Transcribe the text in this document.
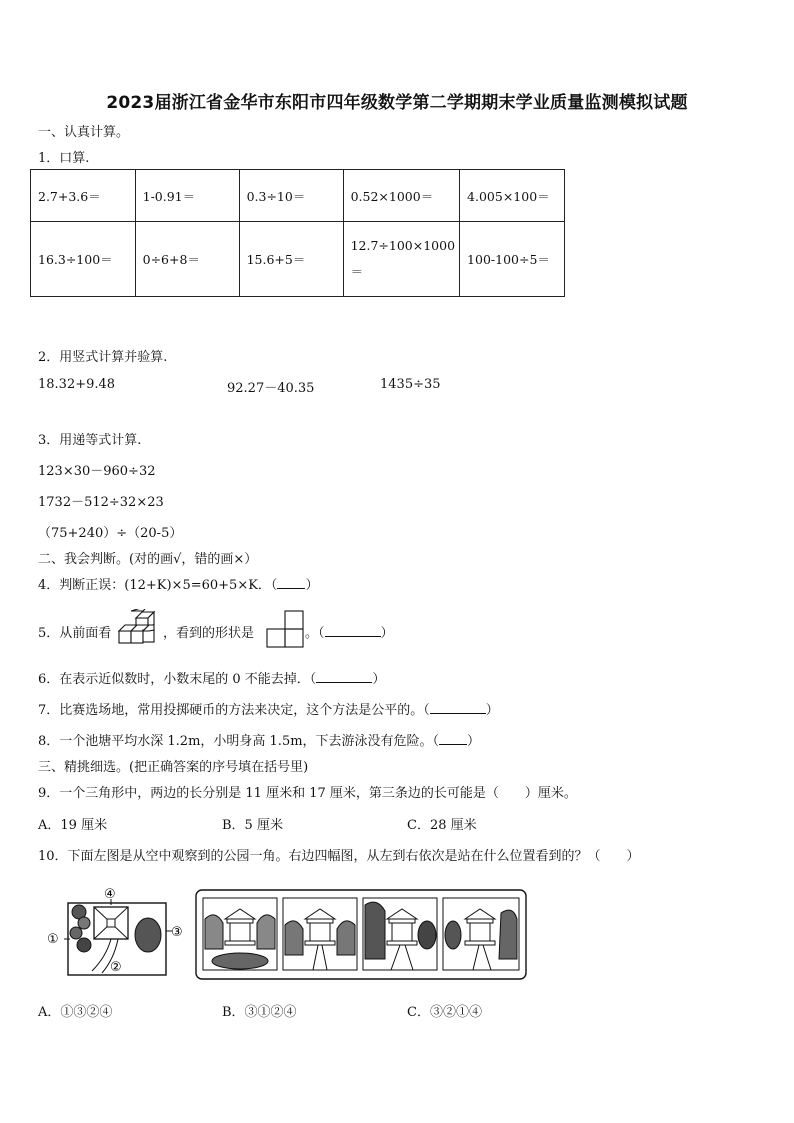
2023届浙江省金华市东阳市四年级数学第二学期期末学业质量监测模拟试题
一、认真计算。
1．口算.
2.7+3.6＝	1-0.91＝	0.3÷10＝	0.52×1000＝	4.005×100＝
16.3÷100＝	0÷6+8＝	15.6+5＝	12.7÷100×1000＝	100-100÷5＝
2．用竖式计算并验算.
18.32+9.48	92.27－40.35	1435÷35
3．用递等式计算.
123×30－960÷32
1732－512÷32×23
（75+240）÷（20-5）
二、我会判断。(对的画√，错的画×）
4．判断正误：(12+K)×5=60+5×K．（ ）
5．从前面看	，看到的形状是	。（	）
6．在表示近似数时，小数末尾的 0 不能去掉．（	）
7．比赛选场地，常用投掷硬币的方法来决定，这个方法是公平的。（	）
8．一个池塘平均水深 1.2m，小明身高 1.5m，下去游泳没有危险。（ ）
三、精挑细选。(把正确答案的序号填在括号里)
9．一个三角形中，两边的长分别是 11 厘米和 17 厘米，第三条边的长可能是（　　）厘米。
A．19 厘米	B．5 厘米	C．28 厘米
10．下面左图是从空中观察到的公园一角。右边四幅图，从左到右依次是站在什么位置看到的？（　　）
④
①
②
③
A．①③②④	B．③①②④	C．③②①④
